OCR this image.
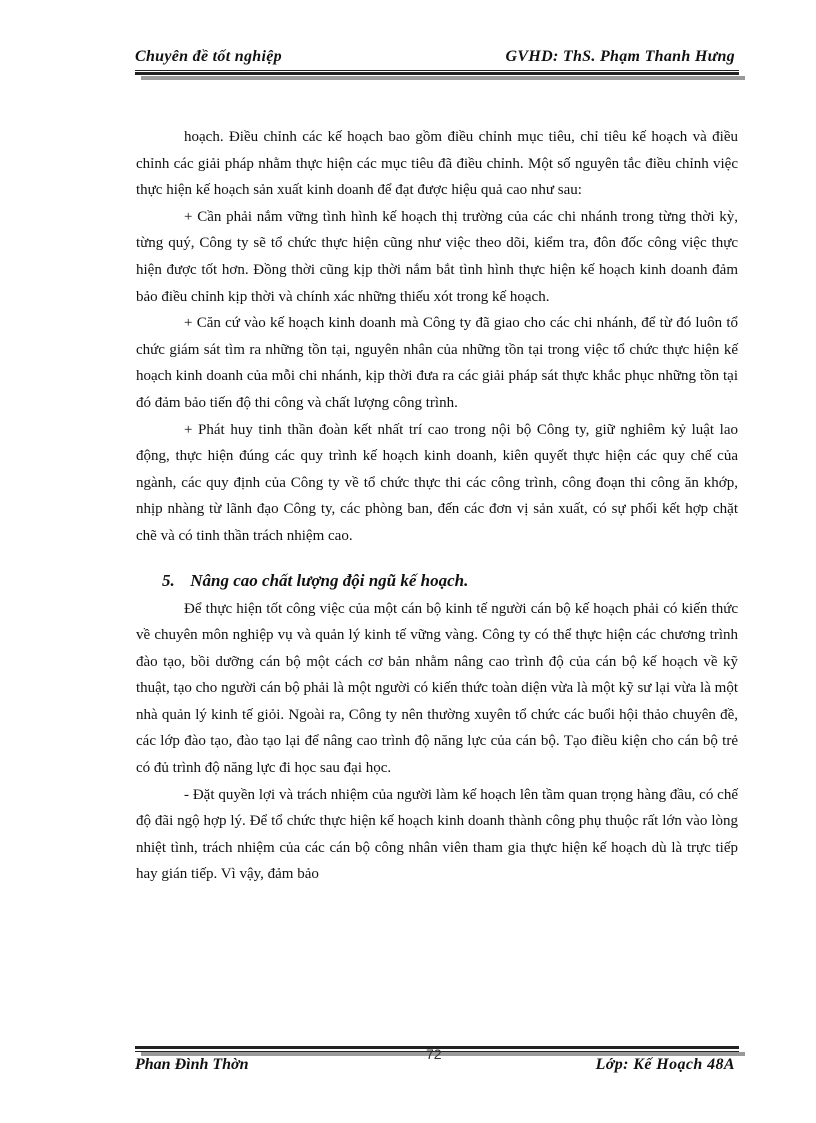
Chuyên đề tốt nghiệp	GVHD: ThS. Phạm Thanh Hưng

hoạch. Điều chỉnh các kế hoạch bao gồm điều chỉnh mục tiêu, chỉ tiêu kế hoạch và điều chỉnh các giải pháp nhằm thực hiện các mục tiêu đã điều chỉnh. Một số nguyên tắc điều chỉnh việc thực hiện kế hoạch sản xuất kinh doanh để đạt được hiệu quả cao như sau:

+ Cần phải nắm vững tình hình kế hoạch thị trường của các chi nhánh trong từng thời kỳ, từng quý, Công ty sẽ tổ chức thực hiện cũng như việc theo dõi, kiểm tra, đôn đốc công việc thực hiện được tốt hơn. Đồng thời cũng kịp thời nắm bắt tình hình thực hiện kế hoạch kinh doanh đảm bảo điều chỉnh kịp thời và chính xác những thiếu xót trong kế hoạch.

+ Căn cứ vào kế hoạch kinh doanh mà Công ty đã giao cho các chi nhánh, để từ đó luôn tổ chức giám sát tìm ra những tồn tại, nguyên nhân của những tồn tại trong việc tổ chức thực hiện kế hoạch kinh doanh của mỗi chi nhánh, kịp thời đưa ra các giải pháp sát thực khắc phục những tồn tại đó đảm bảo tiến độ thi công và chất lượng công trình.

+ Phát huy tinh thần đoàn kết nhất trí cao trong nội bộ Công ty, giữ nghiêm kỷ luật lao động, thực hiện đúng các quy trình kế hoạch kinh doanh, kiên quyết thực hiện các quy chế của ngành, các quy định của Công ty về tổ chức thực thi các công trình, công đoạn thi công ăn khớp, nhịp nhàng từ lãnh đạo Công ty, các phòng ban, đến các đơn vị sản xuất, có sự phối kết hợp chặt chẽ và có tinh thần trách nhiệm cao.

5. Nâng cao chất lượng đội ngũ kế hoạch.

Để thực hiện tốt công việc của một cán bộ kinh tế người cán bộ kế hoạch phải có kiến thức về chuyên môn nghiệp vụ và quản lý kinh tế vững vàng. Công ty có thể thực hiện các chương trình đào tạo, bồi dưỡng cán bộ một cách cơ bản nhằm nâng cao trình độ của cán bộ kế hoạch về kỹ thuật, tạo cho người cán bộ phải là một người có kiến thức toàn diện vừa là một kỹ sư lại vừa là một nhà quản lý kinh tế giỏi. Ngoài ra, Công ty nên thường xuyên tổ chức các buổi hội thảo chuyên đề, các lớp đào tạo, đào tạo lại để nâng cao trình độ năng lực của cán bộ. Tạo điều kiện cho cán bộ trẻ có đủ trình độ năng lực đi học sau đại học.

- Đặt quyền lợi và trách nhiệm của người làm kế hoạch lên tầm quan trọng hàng đầu, có chế độ đãi ngộ hợp lý. Để tổ chức thực hiện kế hoạch kinh doanh thành công phụ thuộc rất lớn vào lòng nhiệt tình, trách nhiệm của các cán bộ công nhân viên tham gia thực hiện kế hoạch dù là trực tiếp hay gián tiếp. Vì vậy, đảm bảo

72
Phan Đình Thờn	Lớp: Kế Hoạch 48A
